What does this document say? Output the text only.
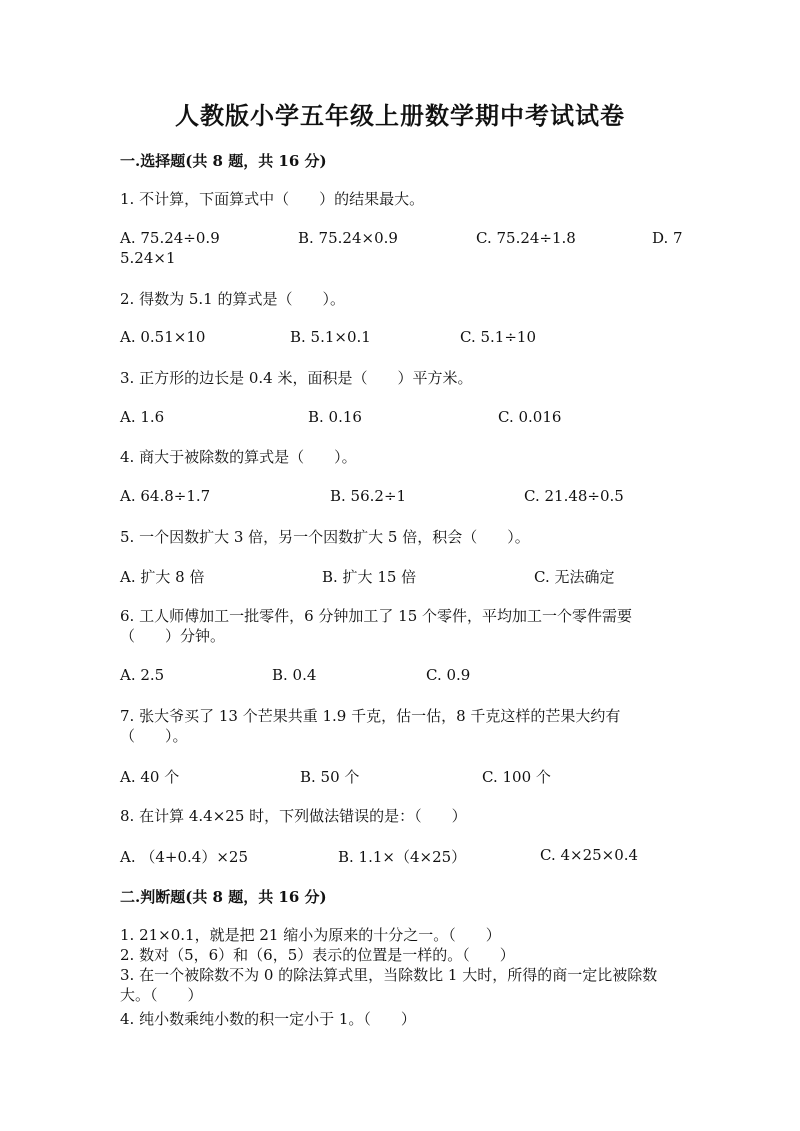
人教版小学五年级上册数学期中考试试卷
一.选择题(共 8 题，共 16 分)
1. 不计算，下面算式中（　　）的结果最大。
A. 75.24÷0.9	B. 75.24×0.9	C. 75.24÷1.8	D. 7
5.24×1
2. 得数为 5.1 的算式是（　　）。
A. 0.51×10	B. 5.1×0.1	C. 5.1÷10
3. 正方形的边长是 0.4 米，面积是（　　）平方米。
A. 1.6	B. 0.16	C. 0.016
4. 商大于被除数的算式是（　　）。
A. 64.8÷1.7	B. 56.2÷1	C. 21.48÷0.5
5. 一个因数扩大 3 倍，另一个因数扩大 5 倍，积会（　　）。
A. 扩大 8 倍	B. 扩大 15 倍	C. 无法确定
6. 工人师傅加工一批零件，6 分钟加工了 15 个零件，平均加工一个零件需要（　　）分钟。
A. 2.5	B. 0.4	C. 0.9
7. 张大爷买了 13 个芒果共重 1.9 千克，估一估，8 千克这样的芒果大约有（　　）。
A. 40 个	B. 50 个	C. 100 个
8. 在计算 4.4×25 时，下列做法错误的是：（　　）
A. （4+0.4）×25	B. 1.1×（4×25）	C. 4×25×0.4
二.判断题(共 8 题，共 16 分)
1. 21×0.1，就是把 21 缩小为原来的十分之一。（　　）
2. 数对（5，6）和（6，5）表示的位置是一样的。（　　）
3. 在一个被除数不为 0 的除法算式里，当除数比 1 大时，所得的商一定比被除数大。（　　）
4. 纯小数乘纯小数的积一定小于 1。（　　）
